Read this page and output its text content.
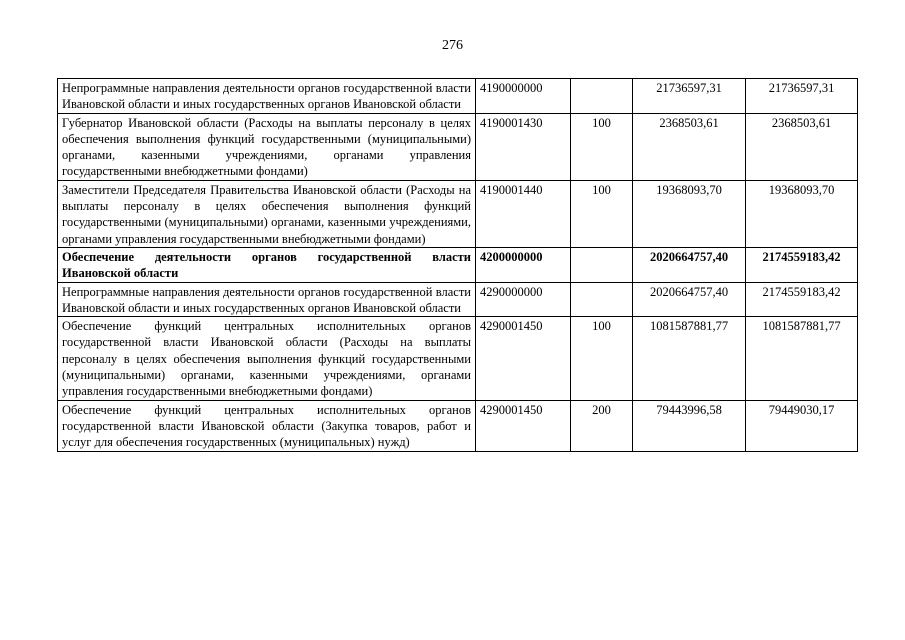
276
Непрограммные направления деятельности органов государственной власти Ивановской области и иных государственных органов Ивановской области	4190000000		21736597,31	21736597,31
Губернатор Ивановской области (Расходы на выплаты персоналу в целях обеспечения выполнения функций государственными (муниципальными) органами, казенными учреждениями, органами управления государственными внебюджетными фондами)	4190001430	100	2368503,61	2368503,61
Заместители Председателя Правительства Ивановской области (Расходы на выплаты персоналу в целях обеспечения выполнения функций государственными (муниципальными) органами, казенными учреждениями, органами управления государственными внебюджетными фондами)	4190001440	100	19368093,70	19368093,70
Обеспечение деятельности органов государственной власти Ивановской области	4200000000		2020664757,40	2174559183,42
Непрограммные направления деятельности органов государственной власти Ивановской области и иных государственных органов Ивановской области	4290000000		2020664757,40	2174559183,42
Обеспечение функций центральных исполнительных органов государственной власти Ивановской области (Расходы на выплаты персоналу в целях обеспечения выполнения функций государственными (муниципальными) органами, казенными учреждениями, органами управления государственными внебюджетными фондами)	4290001450	100	1081587881,77	1081587881,77
Обеспечение функций центральных исполнительных органов государственной власти Ивановской области (Закупка товаров, работ и услуг для обеспечения государственных (муниципальных) нужд)	4290001450	200	79443996,58	79449030,17
